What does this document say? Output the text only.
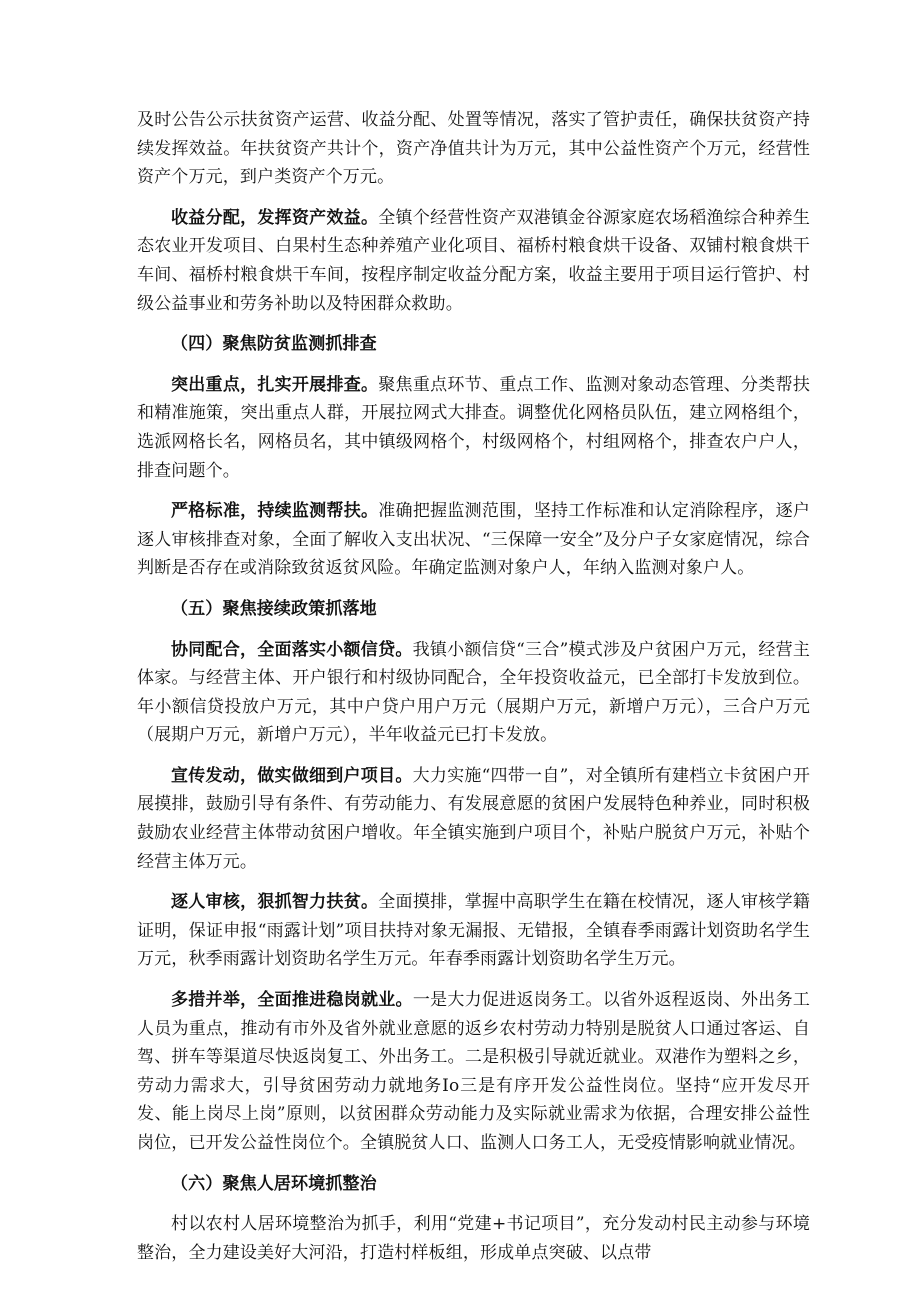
及时公告公示扶贫资产运营、收益分配、处置等情况，落实了管护责任，确保扶贫资产持续发挥效益。年扶贫资产共计个，资产净值共计为万元，其中公益性资产个万元，经营性资产个万元，到户类资产个万元。

收益分配，发挥资产效益。全镇个经营性资产双港镇金谷源家庭农场稻渔综合种养生态农业开发项目、白果村生态种养殖产业化项目、福桥村粮食烘干设备、双铺村粮食烘干车间、福桥村粮食烘干车间，按程序制定收益分配方案，收益主要用于项目运行管护、村级公益事业和劳务补助以及特困群众救助。

（四）聚焦防贫监测抓排查

突出重点，扎实开展排查。聚焦重点环节、重点工作、监测对象动态管理、分类帮扶和精准施策，突出重点人群，开展拉网式大排查。调整优化网格员队伍，建立网格组个，选派网格长名，网格员名，其中镇级网格个，村级网格个，村组网格个，排查农户户人，排查问题个。

严格标准，持续监测帮扶。准确把握监测范围，坚持工作标准和认定消除程序，逐户逐人审核排查对象，全面了解收入支出状况、“三保障一安全”及分户子女家庭情况，综合判断是否存在或消除致贫返贫风险。年确定监测对象户人，年纳入监测对象户人。

（五）聚焦接续政策抓落地

协同配合，全面落实小额信贷。我镇小额信贷“三合”模式涉及户贫困户万元，经营主体家。与经营主体、开户银行和村级协同配合，全年投资收益元，已全部打卡发放到位。年小额信贷投放户万元，其中户贷户用户万元（展期户万元，新增户万元），三合户万元（展期户万元，新增户万元），半年收益元已打卡发放。

宣传发动，做实做细到户项目。大力实施“四带一自”，对全镇所有建档立卡贫困户开展摸排，鼓励引导有条件、有劳动能力、有发展意愿的贫困户发展特色种养业，同时积极鼓励农业经营主体带动贫困户增收。年全镇实施到户项目个，补贴户脱贫户万元，补贴个经营主体万元。

逐人审核，狠抓智力扶贫。全面摸排，掌握中高职学生在籍在校情况，逐人审核学籍证明，保证申报“雨露计划”项目扶持对象无漏报、无错报，全镇春季雨露计划资助名学生万元，秋季雨露计划资助名学生万元。年春季雨露计划资助名学生万元。

多措并举，全面推进稳岗就业。一是大力促进返岗务工。以省外返程返岗、外出务工人员为重点，推动有市外及省外就业意愿的返乡农村劳动力特别是脱贫人口通过客运、自驾、拼车等渠道尽快返岗复工、外出务工。二是积极引导就近就业。双港作为塑料之乡，劳动力需求大，引导贫困劳动力就地务Io三是有序开发公益性岗位。坚持“应开发尽开发、能上岗尽上岗”原则，以贫困群众劳动能力及实际就业需求为依据，合理安排公益性岗位，已开发公益性岗位个。全镇脱贫人口、监测人口务工人，无受疫情影响就业情况。

（六）聚焦人居环境抓整治

村以农村人居环境整治为抓手，利用“党建+书记项目”，充分发动村民主动参与环境整治，全力建设美好大河沿，打造村样板组，形成单点突破、以点带
